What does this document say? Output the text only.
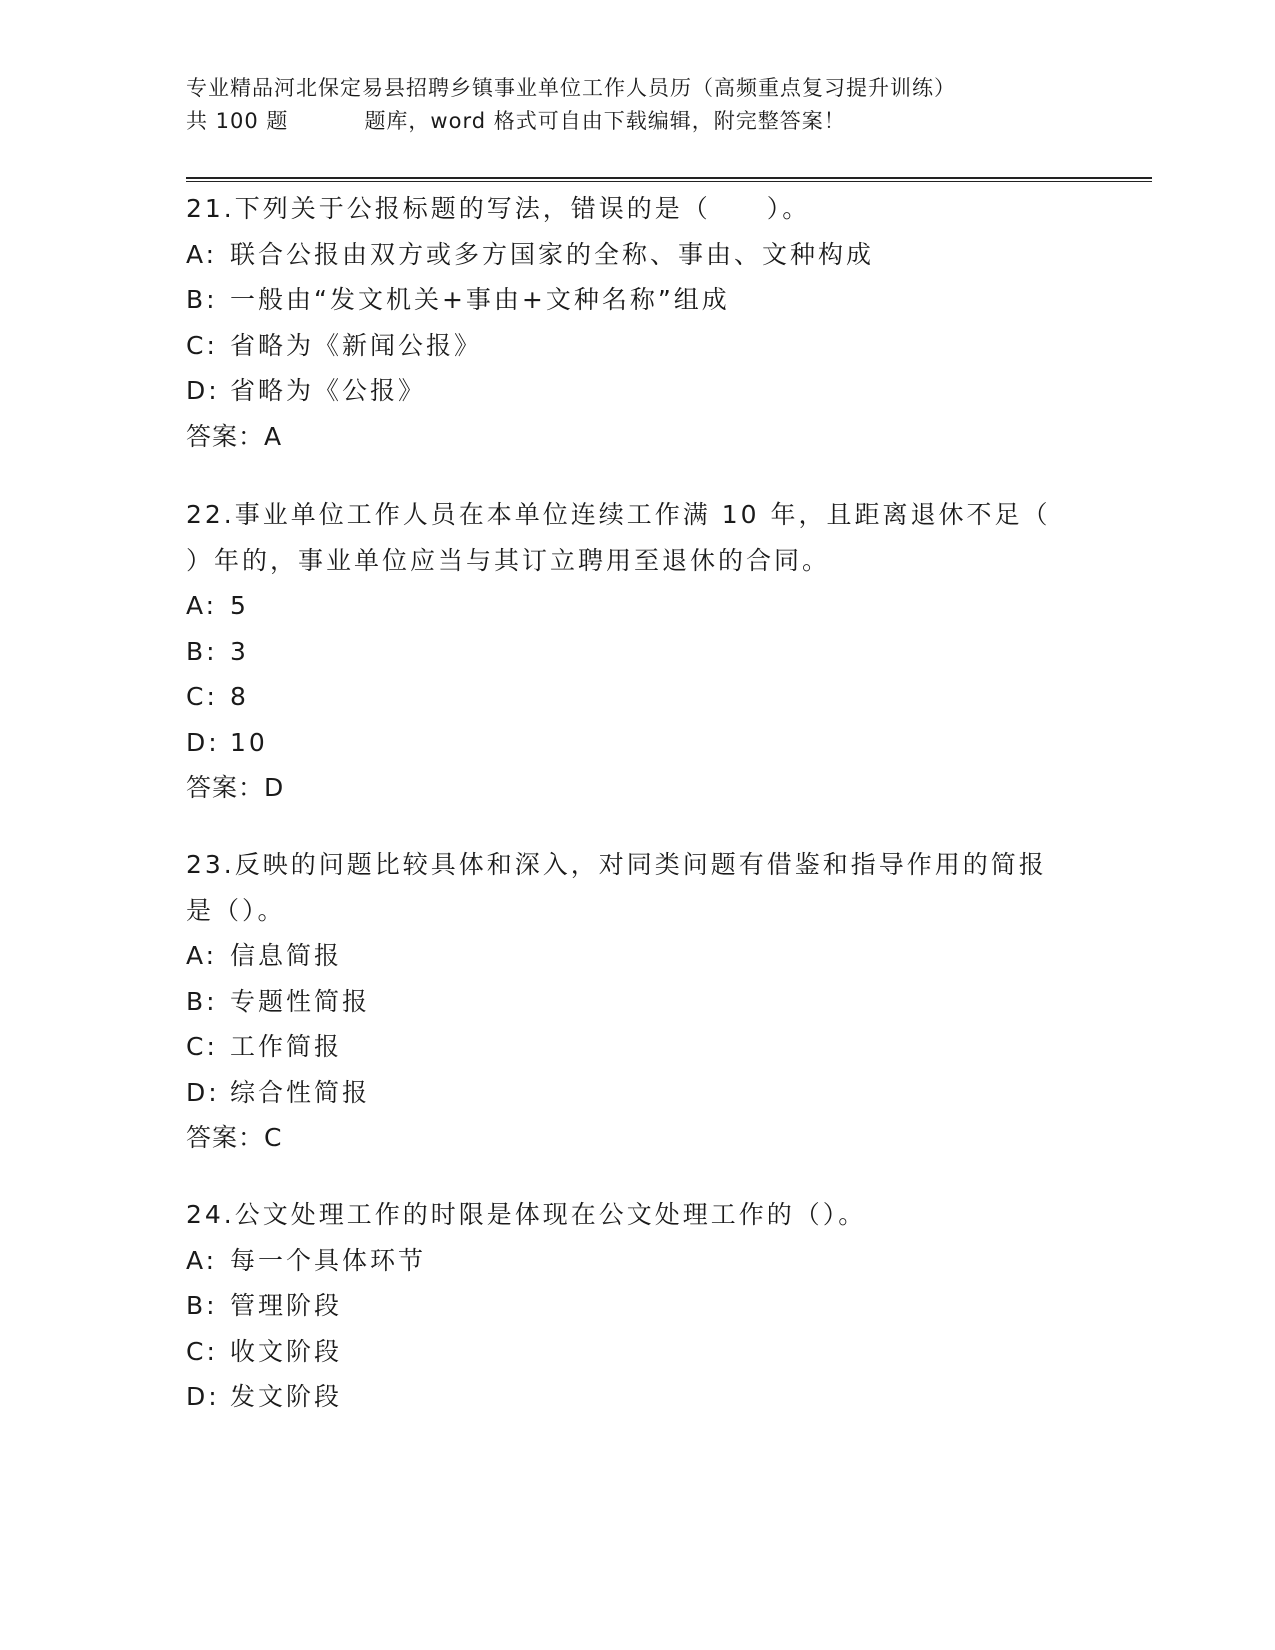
专业精品河北保定易县招聘乡镇事业单位工作人员历（高频重点复习提升训练）
共 100 题	题库，word 格式可自由下载编辑，附完整答案！
21.下列关于公报标题的写法，错误的是（　　）。
A: 联合公报由双方或多方国家的全称、事由、文种构成
B: 一般由“发文机关+事由+文种名称”组成
C: 省略为《新闻公报》
D: 省略为《公报》
答案：A
22.事业单位工作人员在本单位连续工作满 10 年，且距离退休不足（
）年的，事业单位应当与其订立聘用至退休的合同。
A: 5
B: 3
C: 8
D: 10
答案：D
23.反映的问题比较具体和深入，对同类问题有借鉴和指导作用的简报
是（）。
A: 信息简报
B: 专题性简报
C: 工作简报
D: 综合性简报
答案：C
24.公文处理工作的时限是体现在公文处理工作的（）。
A: 每一个具体环节
B: 管理阶段
C: 收文阶段
D: 发文阶段
